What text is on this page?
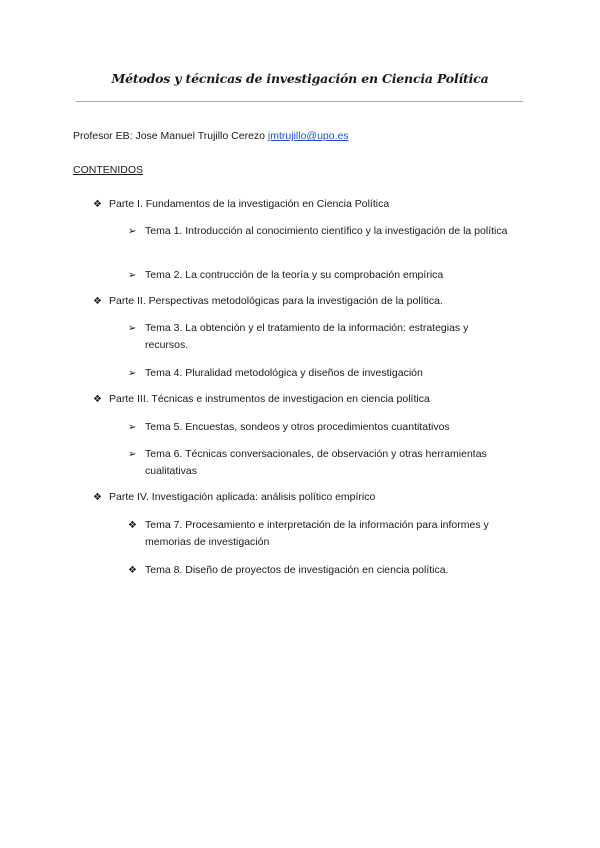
Métodos y técnicas de investigación en Ciencia Política
Profesor EB: Jose Manuel Trujillo Cerezo jmtrujillo@upo.es
CONTENIDOS
❖ Parte I. Fundamentos de la investigación en Ciencia Política
➢ Tema 1. Introducción al conocimiento científico y la investigación de la política
➢ Tema 2. La contrucción de la teoría y su comprobación empírica
❖ Parte II. Perspectivas metodológicas para la investigación de la política.
➢ Tema 3. La obtención y el tratamiento de la información: estrategias y recursos.
➢ Tema 4. Pluralidad metodológica y diseños de investigación
❖ Parte III. Técnicas e instrumentos de investigacion en ciencia política
➢ Tema 5. Encuestas, sondeos y otros procedimientos cuantitativos
➢ Tema 6. Técnicas conversacionales, de observación y otras herramientas cualitativas
❖ Parte IV. Investigación aplicada: análisis político empírico
❖ Tema 7. Procesamiento e interpretación de la información para informes y memorias de investigación
❖ Tema 8. Diseño de proyectos de investigación en ciencia política.
